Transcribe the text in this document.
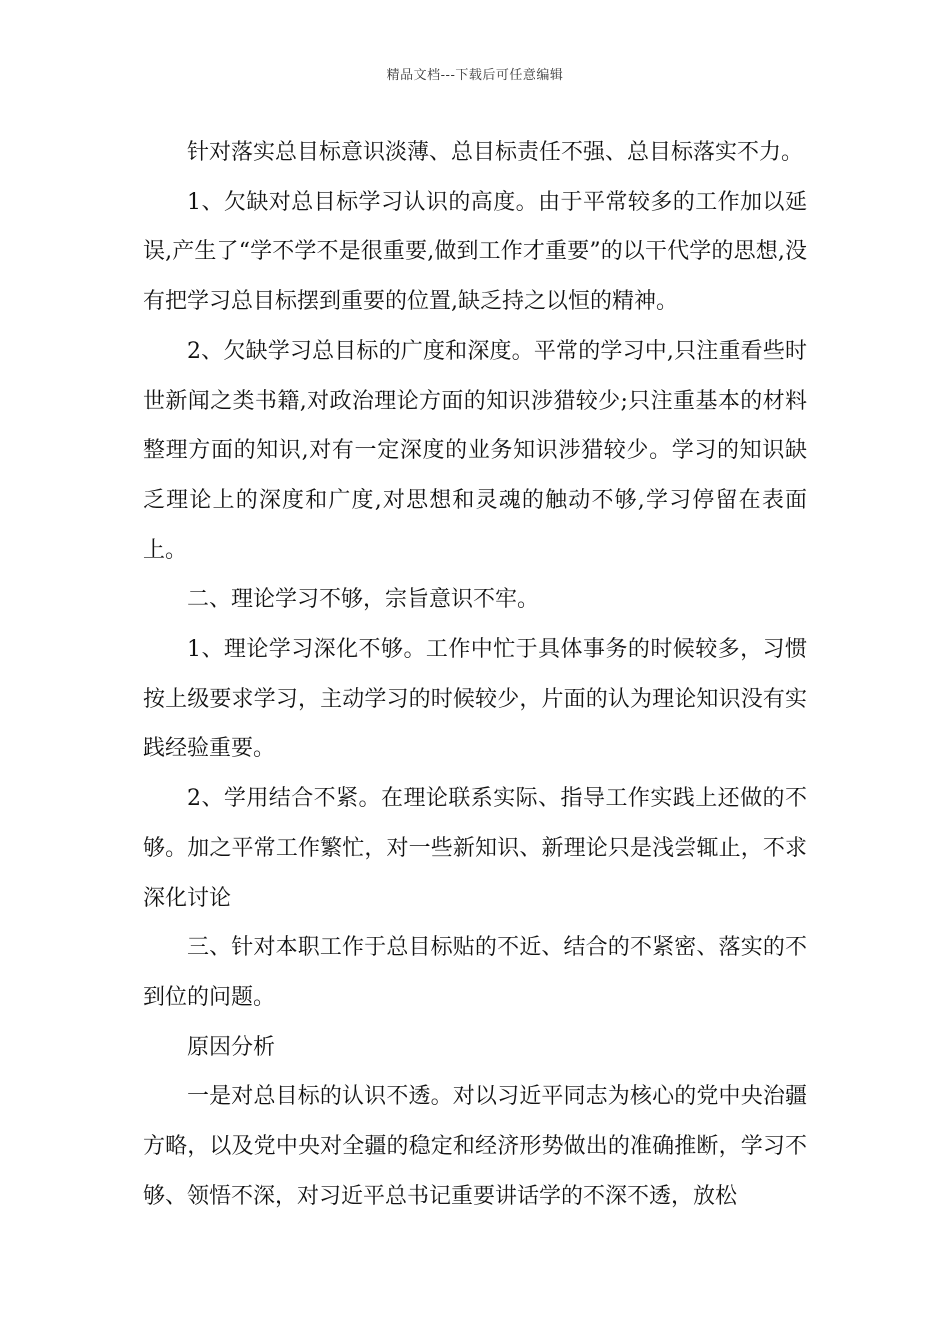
精品文档---下载后可任意编辑

针对落实总目标意识淡薄、总目标责任不强、总目标落实不力。

1、欠缺对总目标学习认识的高度。由于平常较多的工作加以延误,产生了“学不学不是很重要,做到工作才重要”的以干代学的思想,没有把学习总目标摆到重要的位置,缺乏持之以恒的精神。

2、欠缺学习总目标的广度和深度。平常的学习中,只注重看些时世新闻之类书籍,对政治理论方面的知识涉猎较少;只注重基本的材料整理方面的知识,对有一定深度的业务知识涉猎较少。学习的知识缺乏理论上的深度和广度,对思想和灵魂的触动不够,学习停留在表面上。

二、理论学习不够，宗旨意识不牢。

1、理论学习深化不够。工作中忙于具体事务的时候较多，习惯按上级要求学习，主动学习的时候较少，片面的认为理论知识没有实践经验重要。

2、学用结合不紧。在理论联系实际、指导工作实践上还做的不够。加之平常工作繁忙，对一些新知识、新理论只是浅尝辄止，不求深化讨论

三、针对本职工作于总目标贴的不近、结合的不紧密、落实的不到位的问题。

原因分析

一是对总目标的认识不透。对以习近平同志为核心的党中央治疆方略，以及党中央对全疆的稳定和经济形势做出的准确推断，学习不够、领悟不深，对习近平总书记重要讲话学的不深不透，放松
